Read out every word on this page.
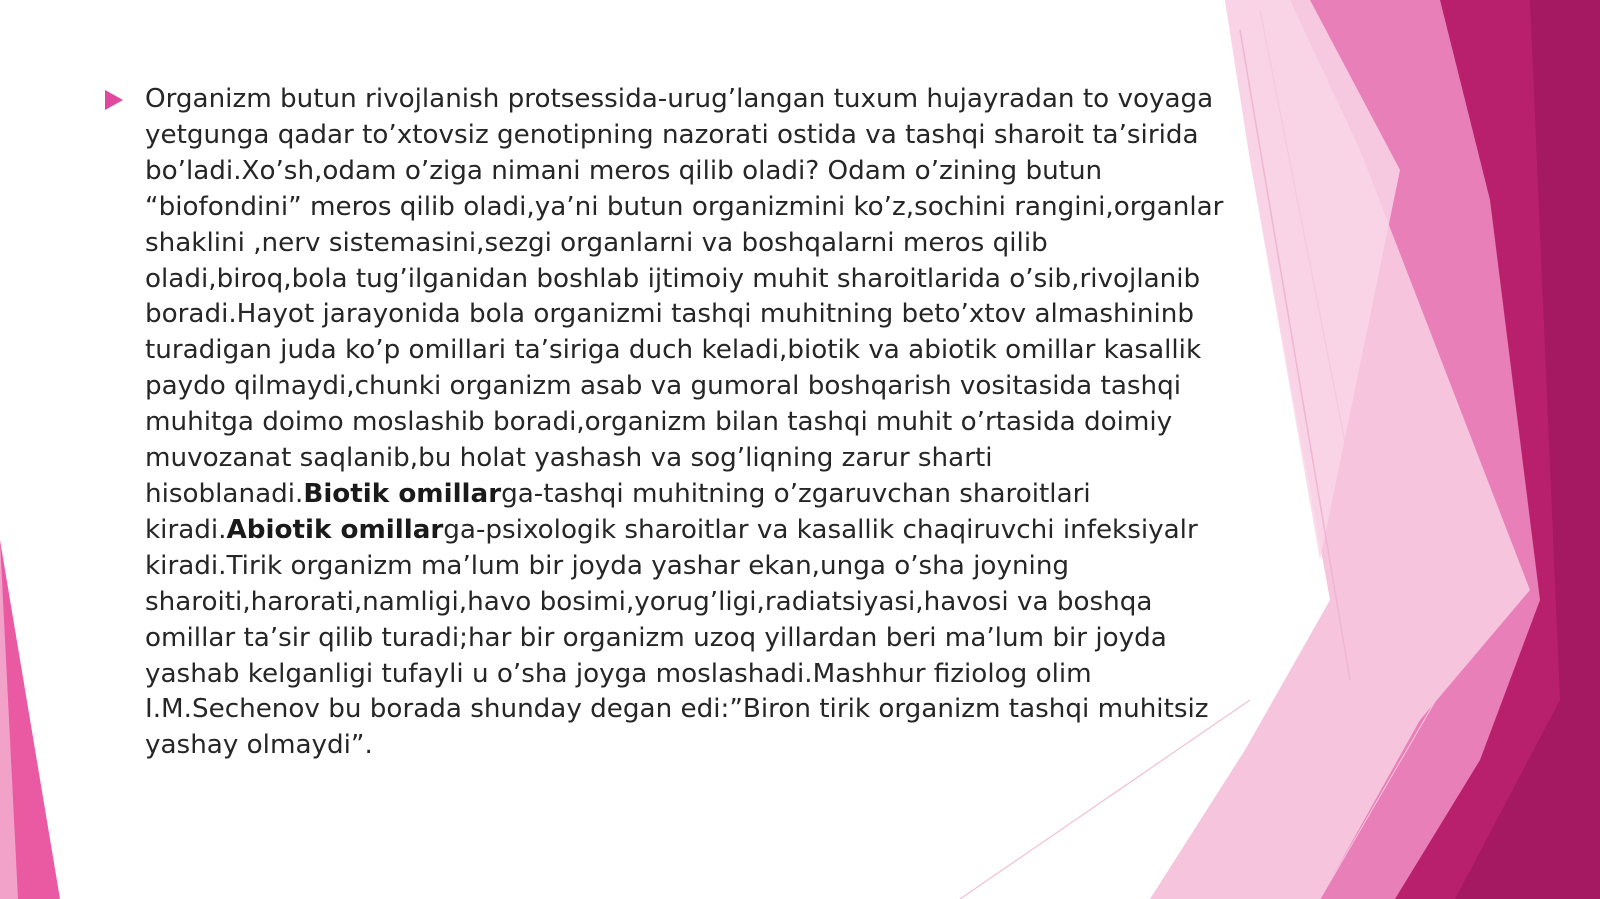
Organizm butun rivojlanish protsessida-urug’langan tuxum hujayradan to voyaga yetgunga qadar to’xtovsiz genotipning nazorati ostida va tashqi sharoit ta’sirida bo’ladi.Xo’sh,odam o’ziga nimani meros qilib oladi? Odam o’zining butun “biofondini” meros qilib oladi,ya’ni butun organizmini ko’z,sochini rangini,organlar shaklini ,nerv sistemasini,sezgi organlarni va boshqalarni meros qilib oladi,biroq,bola tug’ilganidan boshlab ijtimoiy muhit sharoitlarida o’sib,rivojlanib boradi.Hayot jarayonida bola organizmi tashqi muhitning beto’xtov almashininb turadigan juda ko’p omillari ta’siriga duch keladi,biotik va abiotik omillar kasallik paydo qilmaydi,chunki organizm asab va gumoral boshqarish vositasida tashqi muhitga doimo moslashib boradi,organizm bilan tashqi muhit o’rtasida doimiy muvozanat saqlanib,bu holat yashash va sog’liqning zarur sharti hisoblanadi.Biotik omillarga-tashqi muhitning o’zgaruvchan sharoitlari kiradi.Abiotik omillarga-psixologik sharoitlar va kasallik chaqiruvchi infeksiyalr kiradi.Tirik organizm ma’lum bir joyda yashar ekan,unga o’sha joyning sharoiti,harorati,namligi,havo bosimi,yorug’ligi,radiatsiyasi,havosi va boshqa omillar ta’sir qilib turadi;har bir organizm uzoq yillardan beri ma’lum bir joyda yashab kelganligi tufayli u o’sha joyga moslashadi.Mashhur fiziolog olim I.M.Sechenov bu borada shunday degan edi:”Biron tirik organizm tashqi muhitsiz yashay olmaydi”.
